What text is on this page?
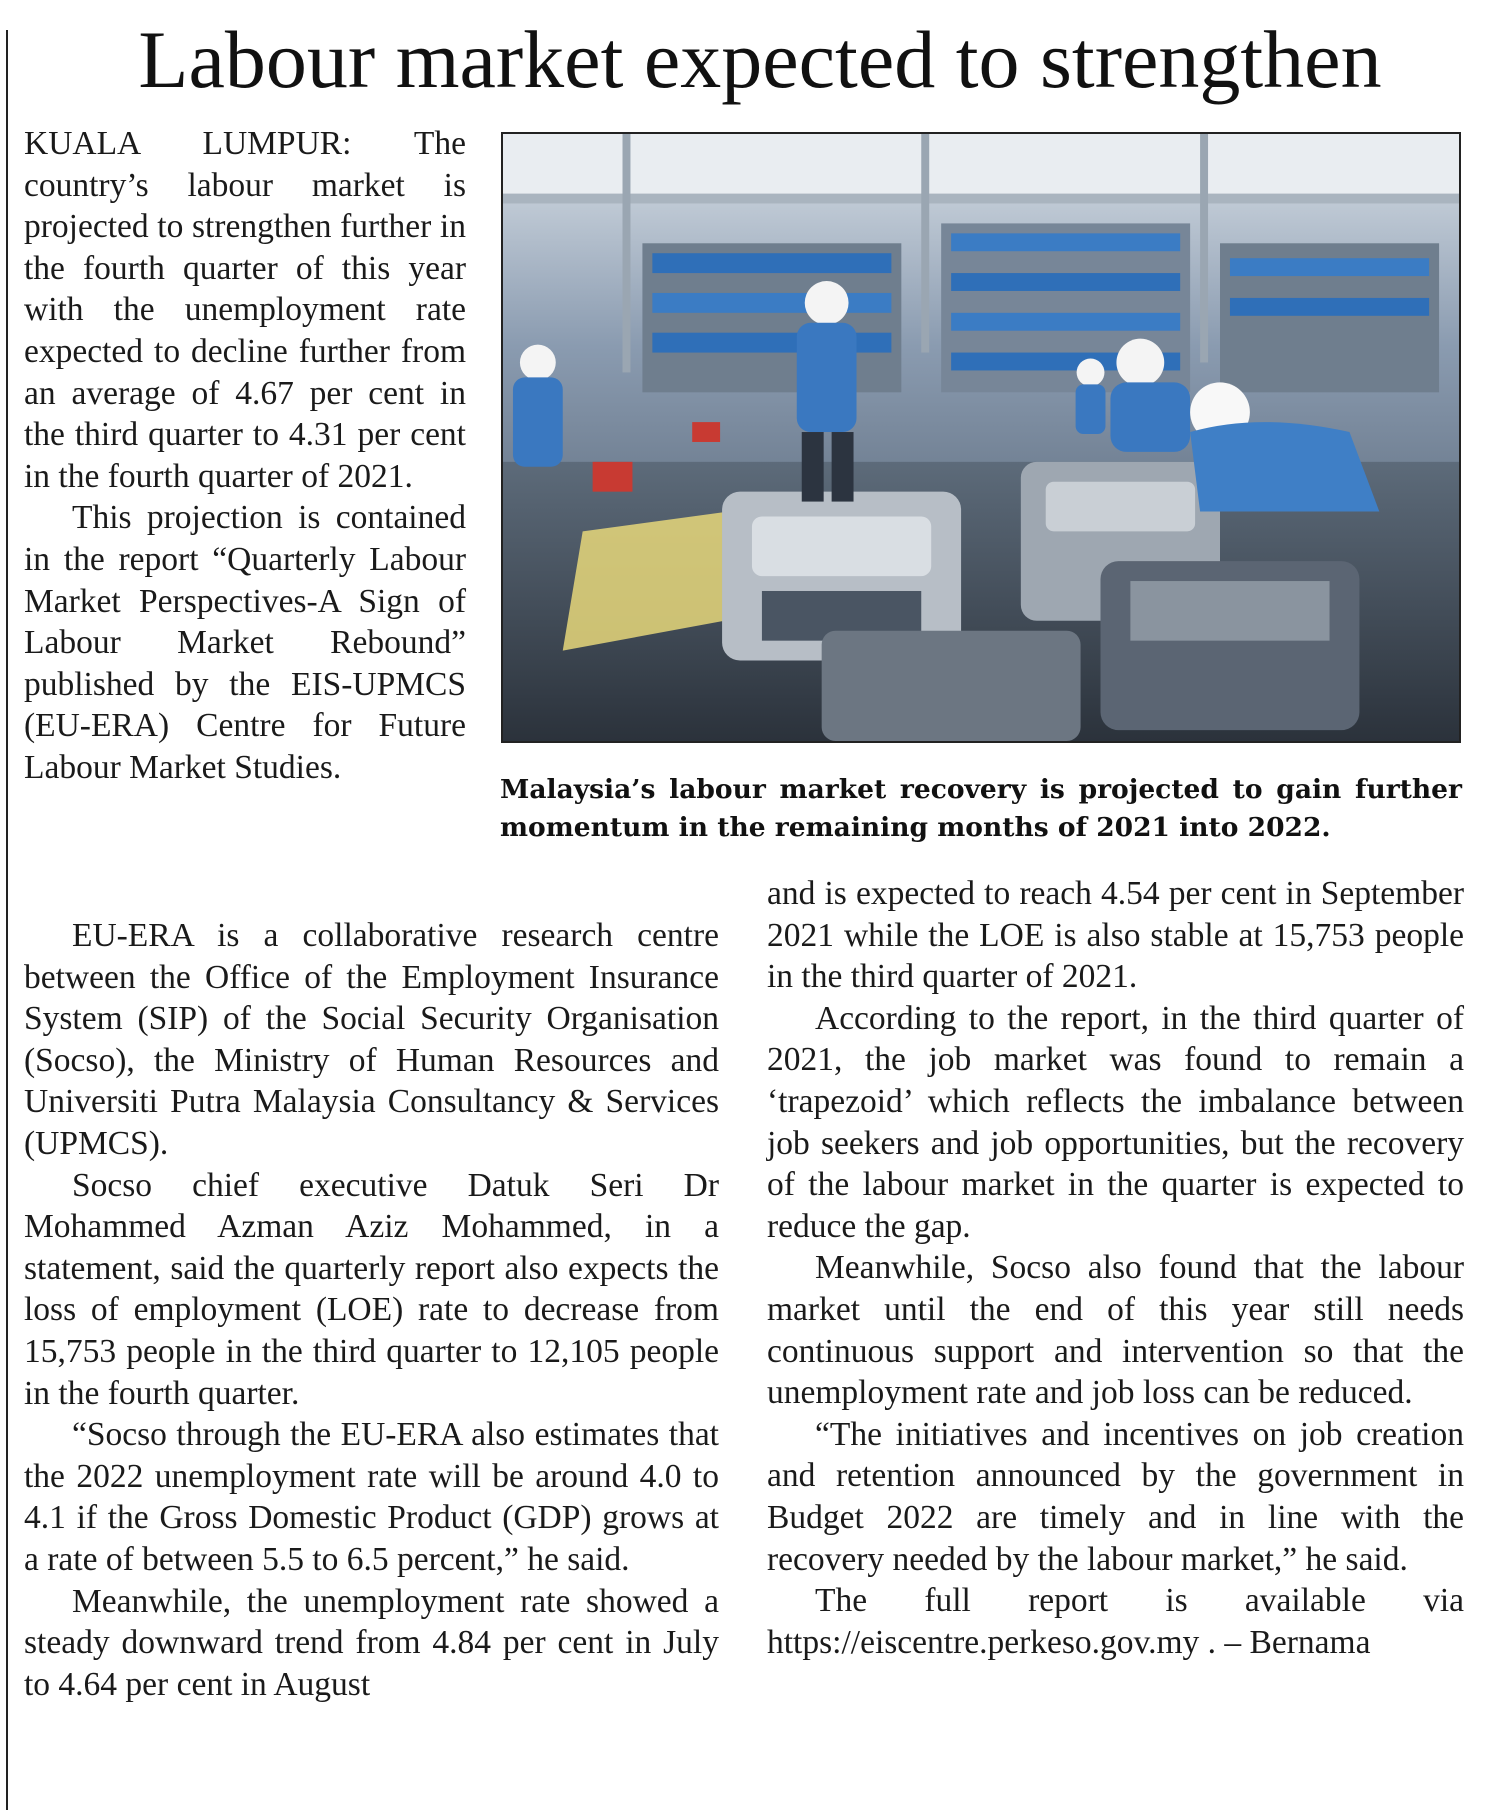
Labour market expected to strengthen

KUALA LUMPUR: The country’s labour market is projected to strengthen further in the fourth quarter of this year with the unemployment rate expected to decline further from an average of 4.67 per cent in the third quarter to 4.31 per cent in the fourth quarter of 2021.

This projection is contained in the report “Quarterly Labour Market Perspectives-A Sign of Labour Market Rebound” published by the EIS-UPMCS (EU-ERA) Centre for Future Labour Market Studies.

Malaysia’s labour market recovery is projected to gain further momentum in the remaining months of 2021 into 2022.

EU-ERA is a collaborative research centre between the Office of the Employment Insurance System (SIP) of the Social Security Organisation (Socso), the Ministry of Human Resources and Universiti Putra Malaysia Consultancy & Services (UPMCS).

Socso chief executive Datuk Seri Dr Mohammed Azman Aziz Mohammed, in a statement, said the quarterly report also expects the loss of employment (LOE) rate to decrease from 15,753 people in the third quarter to 12,105 people in the fourth quarter.

“Socso through the EU-ERA also estimates that the 2022 unemployment rate will be around 4.0 to 4.1 if the Gross Domestic Product (GDP) grows at a rate of between 5.5 to 6.5 percent,” he said.

Meanwhile, the unemployment rate showed a steady downward trend from 4.84 per cent in July to 4.64 per cent in August

and is expected to reach 4.54 per cent in September 2021 while the LOE is also stable at 15,753 people in the third quarter of 2021.

According to the report, in the third quarter of 2021, the job market was found to remain a ‘trapezoid’ which reflects the imbalance between job seekers and job opportunities, but the recovery of the labour market in the quarter is expected to reduce the gap.

Meanwhile, Socso also found that the labour market until the end of this year still needs continuous support and intervention so that the unemployment rate and job loss can be reduced.

“The initiatives and incentives on job creation and retention announced by the government in Budget 2022 are timely and in line with the recovery needed by the labour market,” he said.

The full report is available via https://eiscentre.perkeso.gov.my . – Bernama
